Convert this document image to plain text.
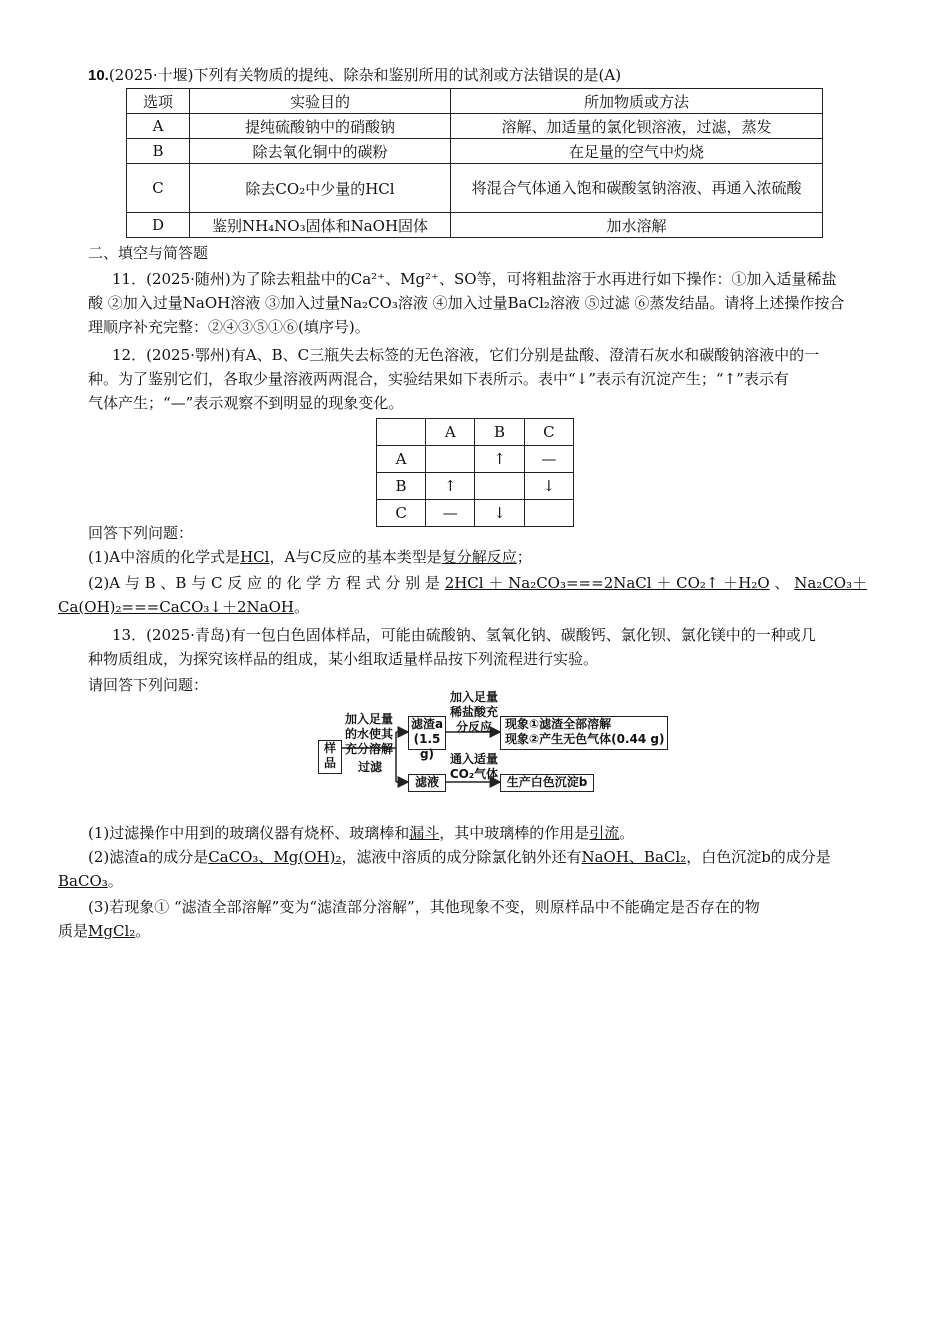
10.(2025·十堰)下列有关物质的提纯、除杂和鉴别所用的试剂或方法错误的是(A)
选项	实验目的	所加物质或方法
A	提纯硫酸钠中的硝酸钠	溶解、加适量的氯化钡溶液，过滤，蒸发
B	除去氧化铜中的碳粉	在足量的空气中灼烧
C	除去CO₂中少量的HCl	将混合气体通入饱和碳酸氢钠溶液、再通入浓硫酸
D	鉴别NH₄NO₃固体和NaOH固体	加水溶解
二、填空与简答题
11．(2025·随州)为了除去粗盐中的Ca²⁺、Mg²⁺、SO等，可将粗盐溶于水再进行如下操作：①加入适量稀盐
酸 ②加入过量NaOH溶液 ③加入过量Na₂CO₃溶液 ④加入过量BaCl₂溶液 ⑤过滤 ⑥蒸发结晶。请将上述操作按合
理顺序补充完整：②④③⑤①⑥(填序号)。
12．(2025·鄂州)有A、B、C三瓶失去标签的无色溶液，它们分别是盐酸、澄清石灰水和碳酸钠溶液中的一
种。为了鉴别它们，各取少量溶液两两混合，实验结果如下表所示。表中“↓”表示有沉淀产生；“↑”表示有
气体产生；“—”表示观察不到明显的现象变化。
	A	B	C
A		↑	—
B	↑		↓
C	—	↓	
回答下列问题：
(1)A中溶质的化学式是HCl，A与C反应的基本类型是复分解反应；
(2)A 与 B 、B 与 C 反 应 的 化 学 方 程 式 分 别 是 2HCl ＋ Na₂CO₃===2NaCl ＋ CO₂↑ ＋H₂O 、 Na₂CO₃＋
Ca(OH)₂===CaCO₃↓＋2NaOH。
13．(2025·青岛)有一包白色固体样品，可能由硫酸钠、氢氧化钠、碳酸钙、氯化钡、氯化镁中的一种或几
种物质组成，为探究该样品的组成，某小组取适量样品按下列流程进行实验。
请回答下列问题：
样品
加入足量
的水使其
充分溶解
过滤
滤渣a
(1.5 g)
加入足量
稀盐酸充
分反应	现象①滤渣全部溶解
现象②产生无色气体(0.44 g)
滤液
通入适量
CO₂气体
生产白色沉淀b
(1)过滤操作中用到的玻璃仪器有烧杯、玻璃棒和漏斗，其中玻璃棒的作用是引流。
(2)滤渣a的成分是CaCO₃、Mg(OH)₂，滤液中溶质的成分除氯化钠外还有NaOH、BaCl₂，白色沉淀b的成分是
BaCO₃。
(3)若现象① “滤渣全部溶解”变为“滤渣部分溶解”，其他现象不变，则原样品中不能确定是否存在的物
质是MgCl₂。
